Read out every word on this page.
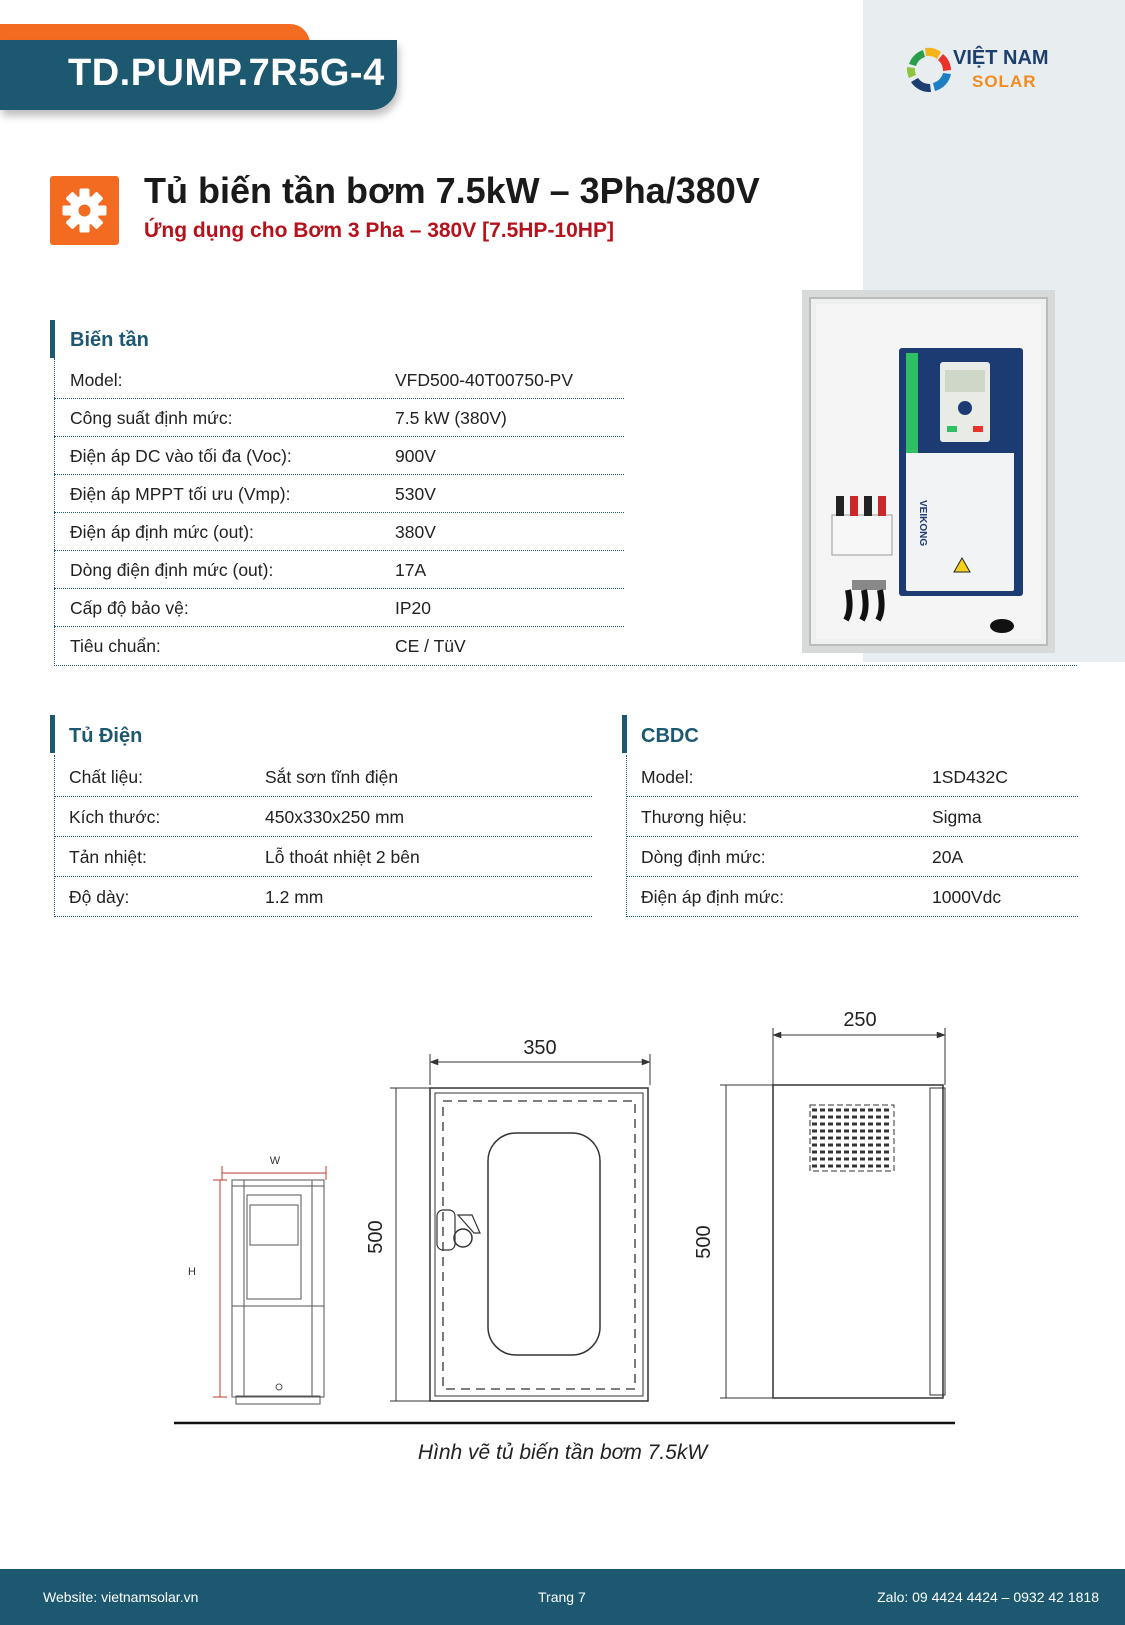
TD.PUMP.7R5G-4	VIỆT NAM
SOLAR
Tủ biến tần bơm 7.5kW – 3Pha/380V
Ứng dụng cho Bơm 3 Pha – 380V [7.5HP-10HP]
Biến tần
Model:	VFD500-40T00750-PV
Công suất định mức:	7.5 kW (380V)
Điện áp DC vào tối đa (Voc):	900V
Điện áp MPPT tối ưu (Vmp):	530V
Điện áp định mức (out):	380V
Dòng điện định mức (out):	17A
Cấp độ bảo vệ:	IP20
Tiêu chuẩn:	CE / TüV
VEIKONG
Tủ Điện
Chất liệu:	Sắt sơn tĩnh điện
Kích thước:	450x330x250 mm
Tản nhiệt:	Lỗ thoát nhiệt 2 bên
Độ dày:	1.2 mm
CBDC
Model:	1SD432C
Thương hiệu:	Sigma
Dòng định mức:	20A
Điện áp định mức:	1000Vdc
W
H
350
500
250
500
Hình vẽ tủ biến tần bơm 7.5kW
Website: vietnamsolar.vn	Trang 7	Zalo: 09 4424 4424 – 0932 42 1818
